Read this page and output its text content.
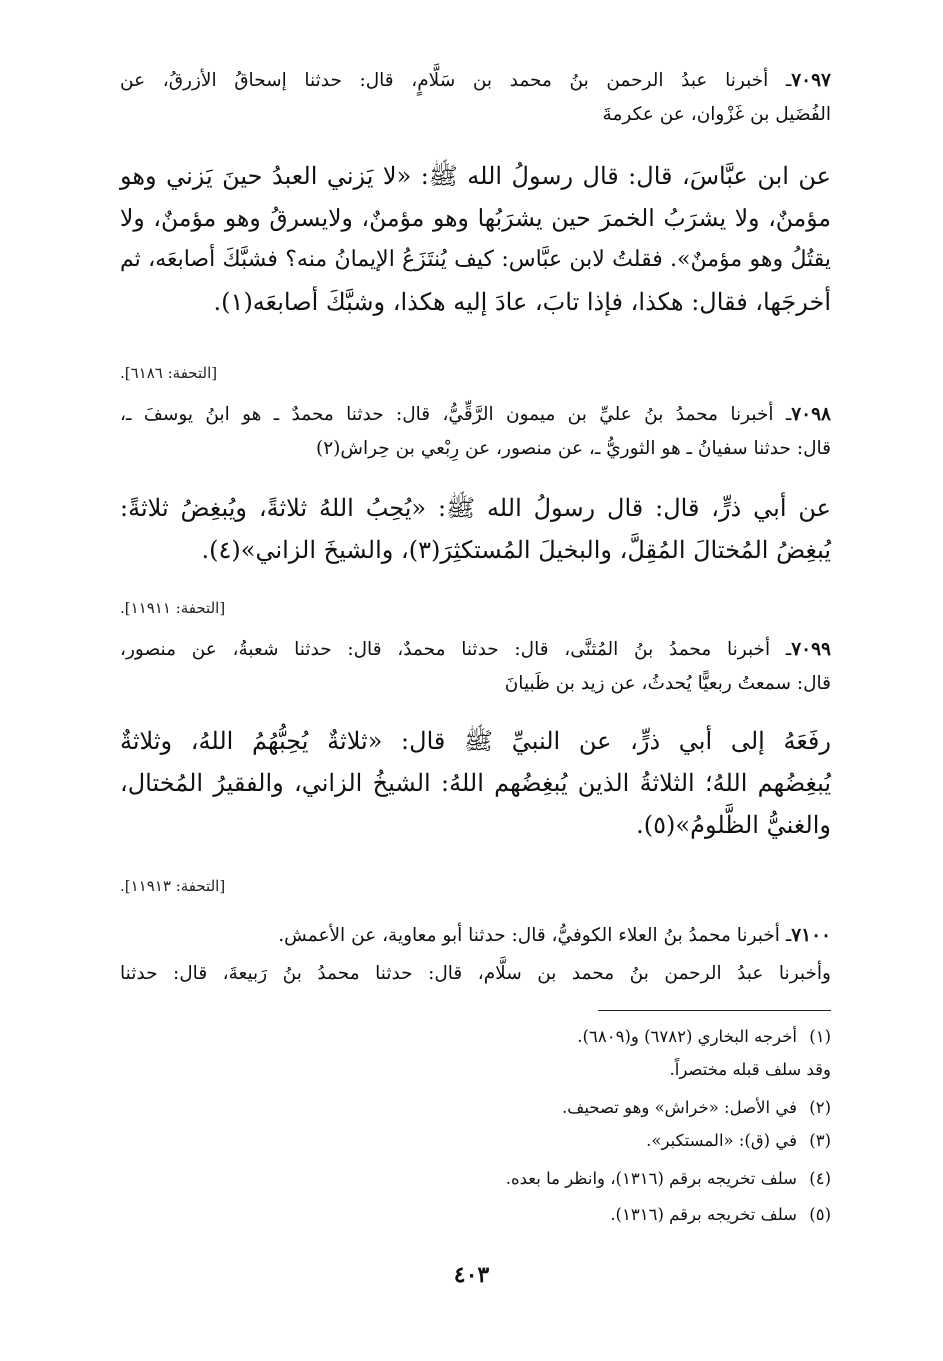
٧٠٩٧ـ أخبرنا عبدُ الرحمن بنُ محمد بن سَلَّامٍ، قال: حدثنا إسحاقُ الأزرقُ، عن
الفُضَيل بن غَزْوان، عن عكرمةَ
عن ابن عبَّاسَ، قال: قال رسولُ الله ﷺ: «لا يَزني العبدُ حينَ يَزني وهو
مؤمنٌ، ولا يشرَبُ الخمرَ حين يشرَبُها وهو مؤمنٌ، ولايسرقُ وهو مؤمنٌ، ولا
يقتُلُ وهو مؤمنٌ». فقلتُ لابن عبَّاس: كيف يُنتَزَعُ الإيمانُ منه؟ فشبَّكَ أصابعَه، ثم
أخرجَها، فقال: هكذا، فإذا تابَ، عادَ إليه هكذا، وشبَّكَ أصابعَه(١).
[التحفة: ٦١٨٦].
٧٠٩٨ـ أخبرنا محمدُ بنُ عليِّ بن ميمون الرَّقِّيُّ، قال: حدثنا محمدٌ ـ هو ابنُ يوسفَ ـ،
قال: حدثنا سفيانُ ـ هو الثوريُّ ـ، عن منصور، عن رِبْعي بن حِراش(٢)
عن أبي ذرٍّ، قال: قال رسولُ الله ﷺ: «يُحِبُ اللهُ ثلاثةً، ويُبغِضُ ثلاثةً:
يُبغِضُ المُختالَ المُقِلَّ، والبخيلَ المُستكثِرَ(٣)، والشيخَ الزاني»(٤).
[التحفة: ١١٩١١].
٧٠٩٩ـ أخبرنا محمدُ بنُ المُثنَّى، قال: حدثنا محمدٌ، قال: حدثنا شعبةُ، عن منصور،
قال: سمعتُ ربعيًّا يُحدثُ، عن زيد بن ظَبيانَ
رفَعَهُ إلى أبي ذرٍّ، عن النبيِّ ﷺ قال: «ثلاثةٌ يُحِبُّهُمُ اللهُ، وثلاثةٌ
يُبغِضُهم اللهُ؛ الثلاثةُ الذين يُبغِضُهم اللهُ: الشيخُ الزاني، والفقيرُ المُختال،
والغنيُّ الظَّلومُ»(٥).
[التحفة: ١١٩١٣].
٧١٠٠ـ أخبرنا محمدُ بنُ العلاء الكوفيُّ، قال: حدثنا أبو معاوية، عن الأعمش.
وأخبرنا عبدُ الرحمن بنُ محمد بن سلَّام، قال: حدثنا محمدُ بنُ رَبيعةَ، قال: حدثنا
(١)أخرجه البخاري (٦٧٨٢) و(٦٨٠٩).
وقد سلف قبله مختصراً.
(٢)في الأصل: «خراش» وهو تصحيف.
(٣)في (ق): «المستكبر».
(٤)سلف تخريجه برقم (١٣١٦)، وانظر ما بعده.
(٥)سلف تخريجه برقم (١٣١٦).
٤٠٣
